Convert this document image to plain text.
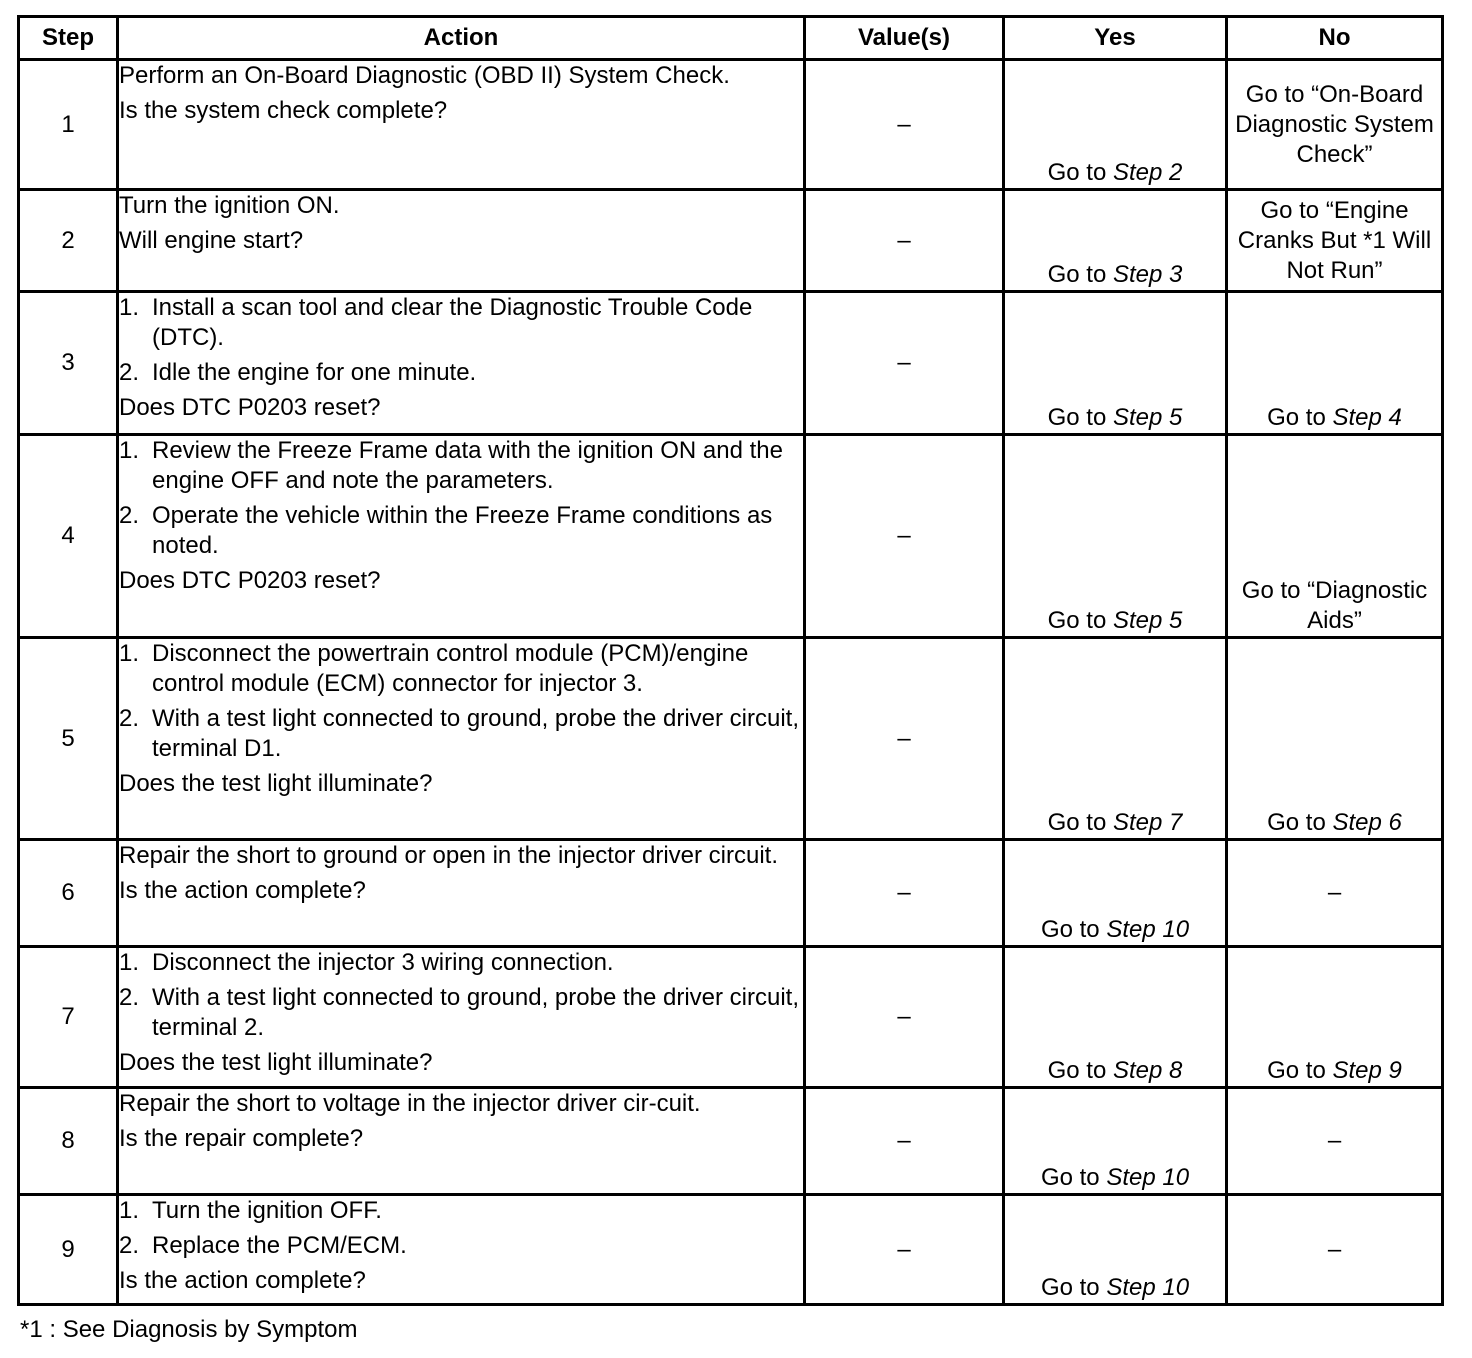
Step	Action	Value(s)	Yes	No
1	Perform an On-Board Diagnostic (OBD II) System Check.
Is the system check complete?	–	Go to Step 2	Go to “On-Board Diagnostic System Check”
2	Turn the ignition ON.
Will engine start?	–	Go to Step 3	Go to “Engine Cranks But *1 Will Not Run”
3	1. Install a scan tool and clear the Diagnostic Trouble Code (DTC).
2. Idle the engine for one minute.
Does DTC P0203 reset?	–	Go to Step 5	Go to Step 4
4	1. Review the Freeze Frame data with the ignition ON and the engine OFF and note the parameters.
2. Operate the vehicle within the Freeze Frame conditions as noted.
Does DTC P0203 reset?	–	Go to Step 5	Go to “Diagnostic Aids”
5	1. Disconnect the powertrain control module (PCM)/engine control module (ECM) connector for injector 3.
2. With a test light connected to ground, probe the driver circuit, terminal D1.
Does the test light illuminate?	–	Go to Step 7	Go to Step 6
6	Repair the short to ground or open in the injector driver circuit.
Is the action complete?	–	Go to Step 10	–
7	1. Disconnect the injector 3 wiring connection.
2. With a test light connected to ground, probe the driver circuit, terminal 2.
Does the test light illuminate?	–	Go to Step 8	Go to Step 9
8	Repair the short to voltage in the injector driver cir-cuit.
Is the repair complete?	–	Go to Step 10	–
9	1. Turn the ignition OFF.
2. Replace the PCM/ECM.
Is the action complete?	–	Go to Step 10	–
*1 : See Diagnosis by Symptom
